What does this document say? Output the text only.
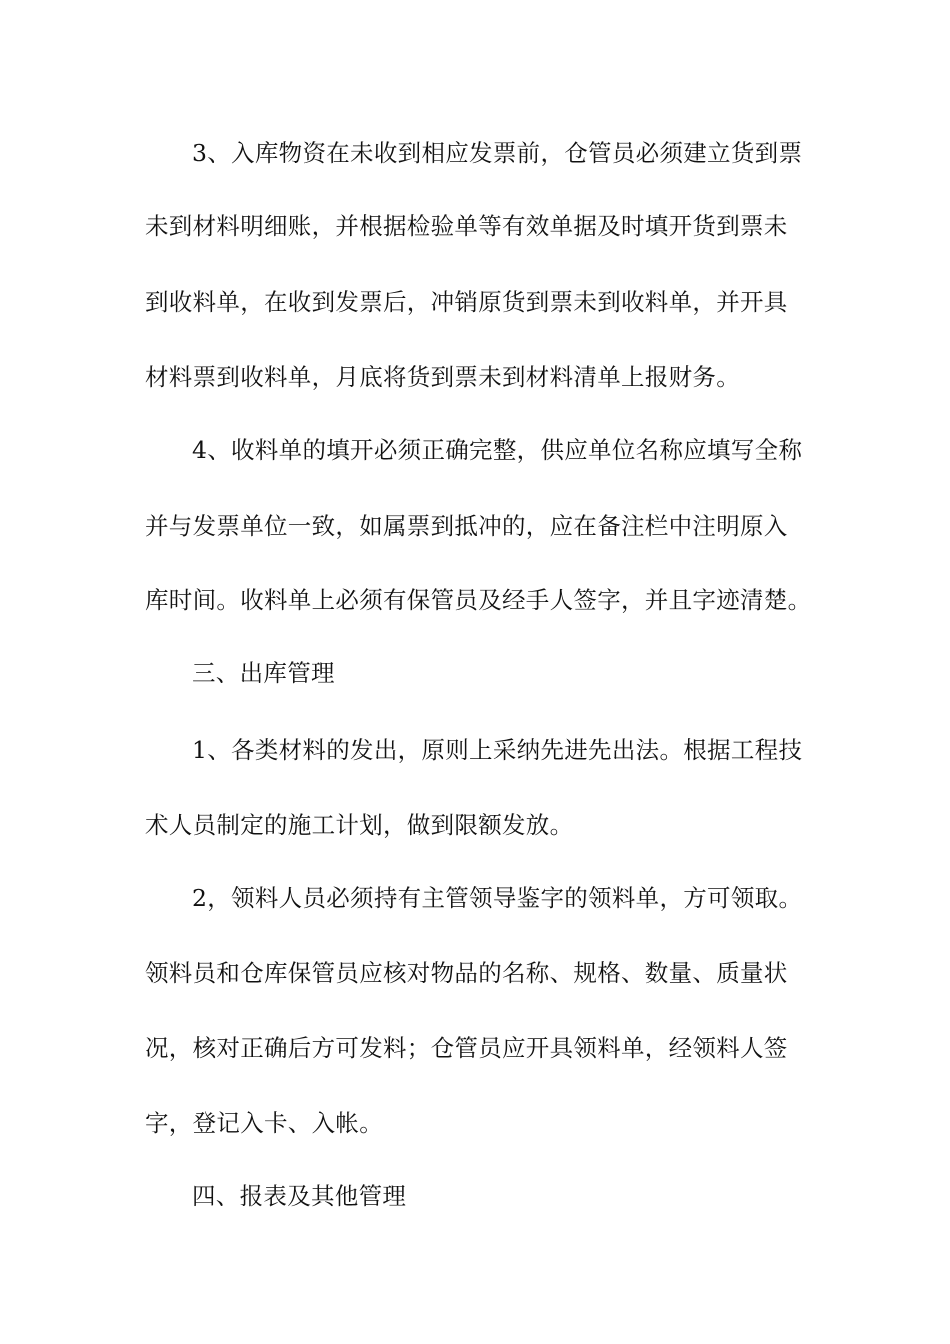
3、入库物资在未收到相应发票前，仓管员必须建立货到票
未到材料明细账，并根据检验单等有效单据及时填开货到票未
到收料单，在收到发票后，冲销原货到票未到收料单，并开具
材料票到收料单，月底将货到票未到材料清单上报财务。
4、收料单的填开必须正确完整，供应单位名称应填写全称
并与发票单位一致，如属票到抵冲的，应在备注栏中注明原入
库时间。收料单上必须有保管员及经手人签字，并且字迹清楚。
三、出库管理
1、各类材料的发出，原则上采纳先进先出法。根据工程技
术人员制定的施工计划，做到限额发放。
2，领料人员必须持有主管领导鉴字的领料单，方可领取。
领料员和仓库保管员应核对物品的名称、规格、数量、质量状
况，核对正确后方可发料；仓管员应开具领料单，经领料人签
字，登记入卡、入帐。
四、报表及其他管理
